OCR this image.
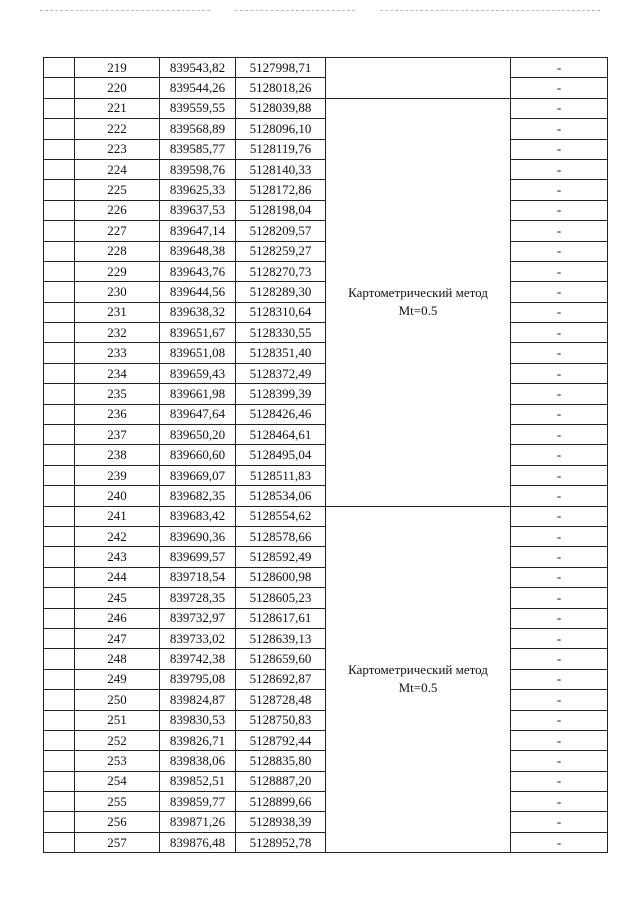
	219	839543,82	5127998,71		-
	220	839544,26	5128018,26		-
	221	839559,55	5128039,88	Картометрический метод
Mt=0.5	-
	222	839568,89	5128096,10		-
	223	839585,77	5128119,76		-
	224	839598,76	5128140,33		-
	225	839625,33	5128172,86		-
	226	839637,53	5128198,04		-
	227	839647,14	5128209,57		-
	228	839648,38	5128259,27		-
	229	839643,76	5128270,73		-
	230	839644,56	5128289,30		-
	231	839638,32	5128310,64		-
	232	839651,67	5128330,55		-
	233	839651,08	5128351,40		-
	234	839659,43	5128372,49		-
	235	839661,98	5128399,39		-
	236	839647,64	5128426,46		-
	237	839650,20	5128464,61		-
	238	839660,60	5128495,04		-
	239	839669,07	5128511,83		-
	240	839682,35	5128534,06		-
	241	839683,42	5128554,62	Картометрический метод
Mt=0.5	-
	242	839690,36	5128578,66		-
	243	839699,57	5128592,49		-
	244	839718,54	5128600,98		-
	245	839728,35	5128605,23		-
	246	839732,97	5128617,61		-
	247	839733,02	5128639,13		-
	248	839742,38	5128659,60		-
	249	839795,08	5128692,87		-
	250	839824,87	5128728,48		-
	251	839830,53	5128750,83		-
	252	839826,71	5128792,44		-
	253	839838,06	5128835,80		-
	254	839852,51	5128887,20		-
	255	839859,77	5128899,66		-
	256	839871,26	5128938,39		-
	257	839876,48	5128952,78		-
